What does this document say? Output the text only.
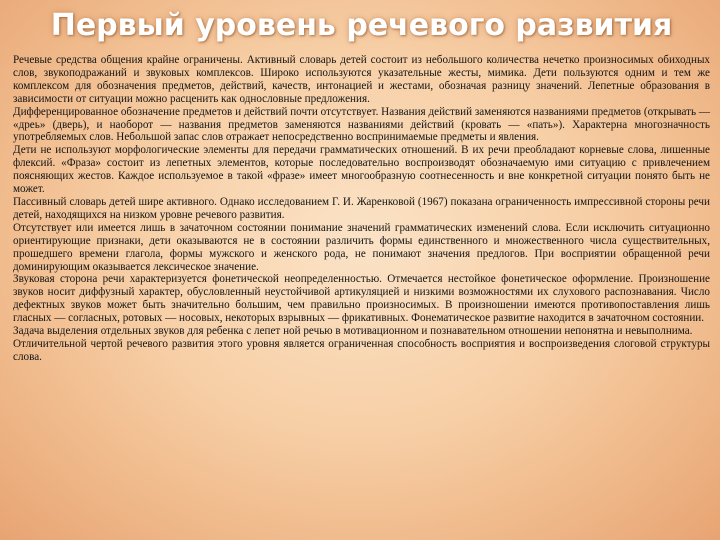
Первый уровень речевого развития

Речевые средства общения крайне ограничены. Активный словарь детей состоит из небольшого количества нечетко произносимых обиходных слов, звукоподражаний и звуковых комплексов. Широко используются указательные жесты, мимика. Дети пользуются одним и тем же комплексом для обозначения предметов, действий, качеств, интонацией и жестами, обозначая разницу значений. Лепетные образования в зависимости от ситуации можно расценить как однословные предложения.

Дифференцированное обозначение предметов и действий почти отсутствует. Названия действий заменяются названиями предметов (открывать — «дреь» (дверь), и наоборот — названия предметов заменяются названиями действий (кровать — «пать»). Характерна многозначность употребляемых слов. Небольшой запас слов отражает непосредственно воспринимаемые предметы и явления.

Дети не используют морфологические элементы для передачи грамматических отношений. В их речи преобладают корневые слова, лишенные флексий. «Фраза» состоит из лепетных элементов, которые последовательно воспроизводят обозначаемую ими ситуацию с привлечением поясняющих жестов. Каждое используемое в такой «фразе» имеет многообразную соотнесенность и вне конкретной ситуации понято быть не может.

Пассивный словарь детей шире активного. Однако исследованием Г. И. Жаренковой (1967) показана ограниченность импрессивной стороны речи детей, находящихся на низком уровне речевого развития.

Отсутствует или имеется лишь в зачаточном состоянии понимание значений грамматических изменений слова. Если исключить ситуационно ориентирующие признаки, дети оказываются не в состоянии различить формы единственного и множественного числа существительных, прошедшего времени глагола, формы мужского и женского рода, не понимают значения предлогов. При восприятии обращенной речи доминирующим оказывается лексическое значение.

Звуковая сторона речи характеризуется фонетической неопределенностью. Отмечается нестойкое фонетическое оформление. Произношение звуков носит диффузный характер, обусловленный неустойчивой артикуляцией и низкими возможностями их слухового распознавания. Число дефектных звуков может быть значительно большим, чем правильно произносимых. В произношении имеются противопоставления лишь гласных — согласных, ротовых — носовых, некоторых взрывных — фрикативных. Фонематическое развитие находится в зачаточном состоянии.

Задача выделения отдельных звуков для ребенка с лепет ной речью в мотивационном и познавательном отношении непонятна и невыполнима.

Отличительной чертой речевого развития этого уровня является ограниченная способность восприятия и воспроизведения слоговой структуры слова.
